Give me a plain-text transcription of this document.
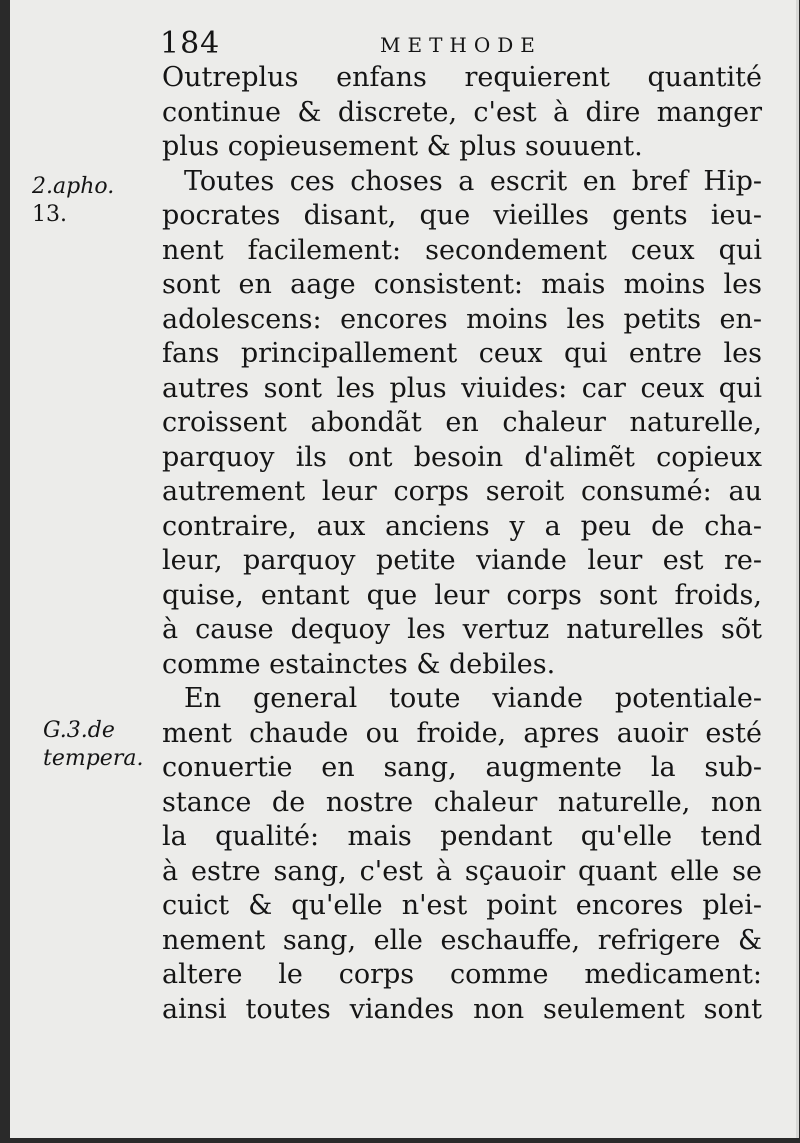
184	METHODE
2.apho.
13.
G.3.de
tempera.
Outreplus enfans requierent quantité
continue & discrete, c'est à dire manger
plus copieusement & plus souuent.
Toutes ces choses a escrit en bref Hip-
pocrates disant, que vieilles gents ieu-
nent facilement: secondement ceux qui
sont en aage consistent: mais moins les
adolescens: encores moins les petits en-
fans principallement ceux qui entre les
autres sont les plus viuides: car ceux qui
croissent abondãt en chaleur naturelle,
parquoy ils ont besoin d'alimẽt copieux
autrement leur corps seroit consumé: au
contraire, aux anciens y a peu de cha-
leur, parquoy petite viande leur est re-
quise, entant que leur corps sont froids,
à cause dequoy les vertuz naturelles sõt
comme estainctes & debiles.
En general toute viande potentiale-
ment chaude ou froide, apres auoir esté
conuertie en sang, augmente la sub-
stance de nostre chaleur naturelle, non
la qualité: mais pendant qu'elle tend
à estre sang, c'est à sçauoir quant elle se
cuict & qu'elle n'est point encores plei-
nement sang, elle eschauffe, refrigere &
altere le corps comme medicament:
ainsi toutes viandes non seulement sont
